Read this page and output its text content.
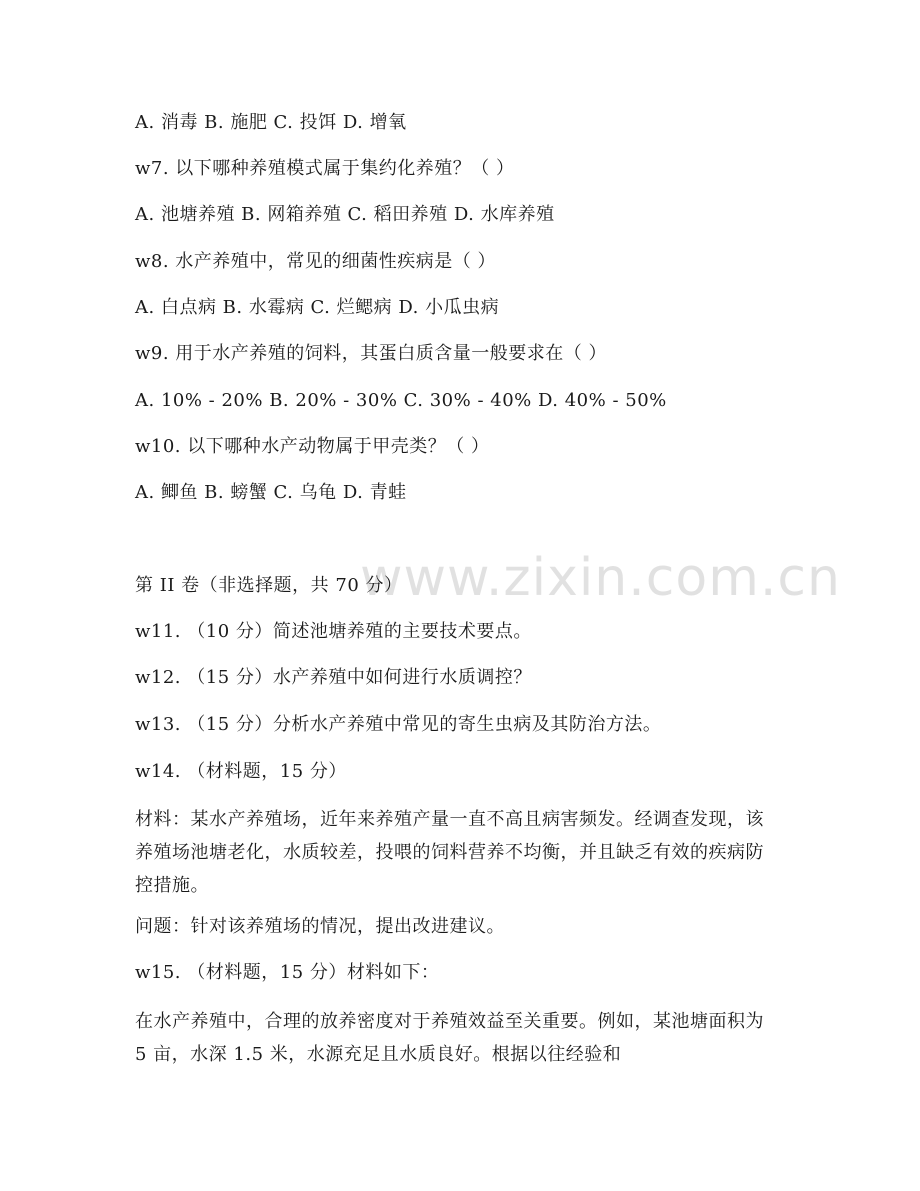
A. 消毒 B. 施肥 C. 投饵 D. 增氧
w7. 以下哪种养殖模式属于集约化养殖？（ ）
A. 池塘养殖 B. 网箱养殖 C. 稻田养殖 D. 水库养殖
w8. 水产养殖中，常见的细菌性疾病是（ ）
A. 白点病 B. 水霉病 C. 烂鳃病 D. 小瓜虫病
w9. 用于水产养殖的饲料，其蛋白质含量一般要求在（ ）
A. 10% - 20% B. 20% - 30% C. 30% - 40% D. 40% - 50%
w10. 以下哪种水产动物属于甲壳类？（ ）
A. 鲫鱼 B. 螃蟹 C. 乌龟 D. 青蛙
www.zixin.com.cn
第 II 卷（非选择题，共 70 分）
w11. （10 分）简述池塘养殖的主要技术要点。
w12. （15 分）水产养殖中如何进行水质调控？
w13. （15 分）分析水产养殖中常见的寄生虫病及其防治方法。
w14. （材料题，15 分）
材料：某水产养殖场，近年来养殖产量一直不高且病害频发。经调查发现，该养殖场池塘老化，水质较差，投喂的饲料营养不均衡，并且缺乏有效的疾病防控措施。
问题：针对该养殖场的情况，提出改进建议。
w15. （材料题，15 分）材料如下：
在水产养殖中，合理的放养密度对于养殖效益至关重要。例如，某池塘面积为 5 亩，水深 1.5 米，水源充足且水质良好。根据以往经验和
